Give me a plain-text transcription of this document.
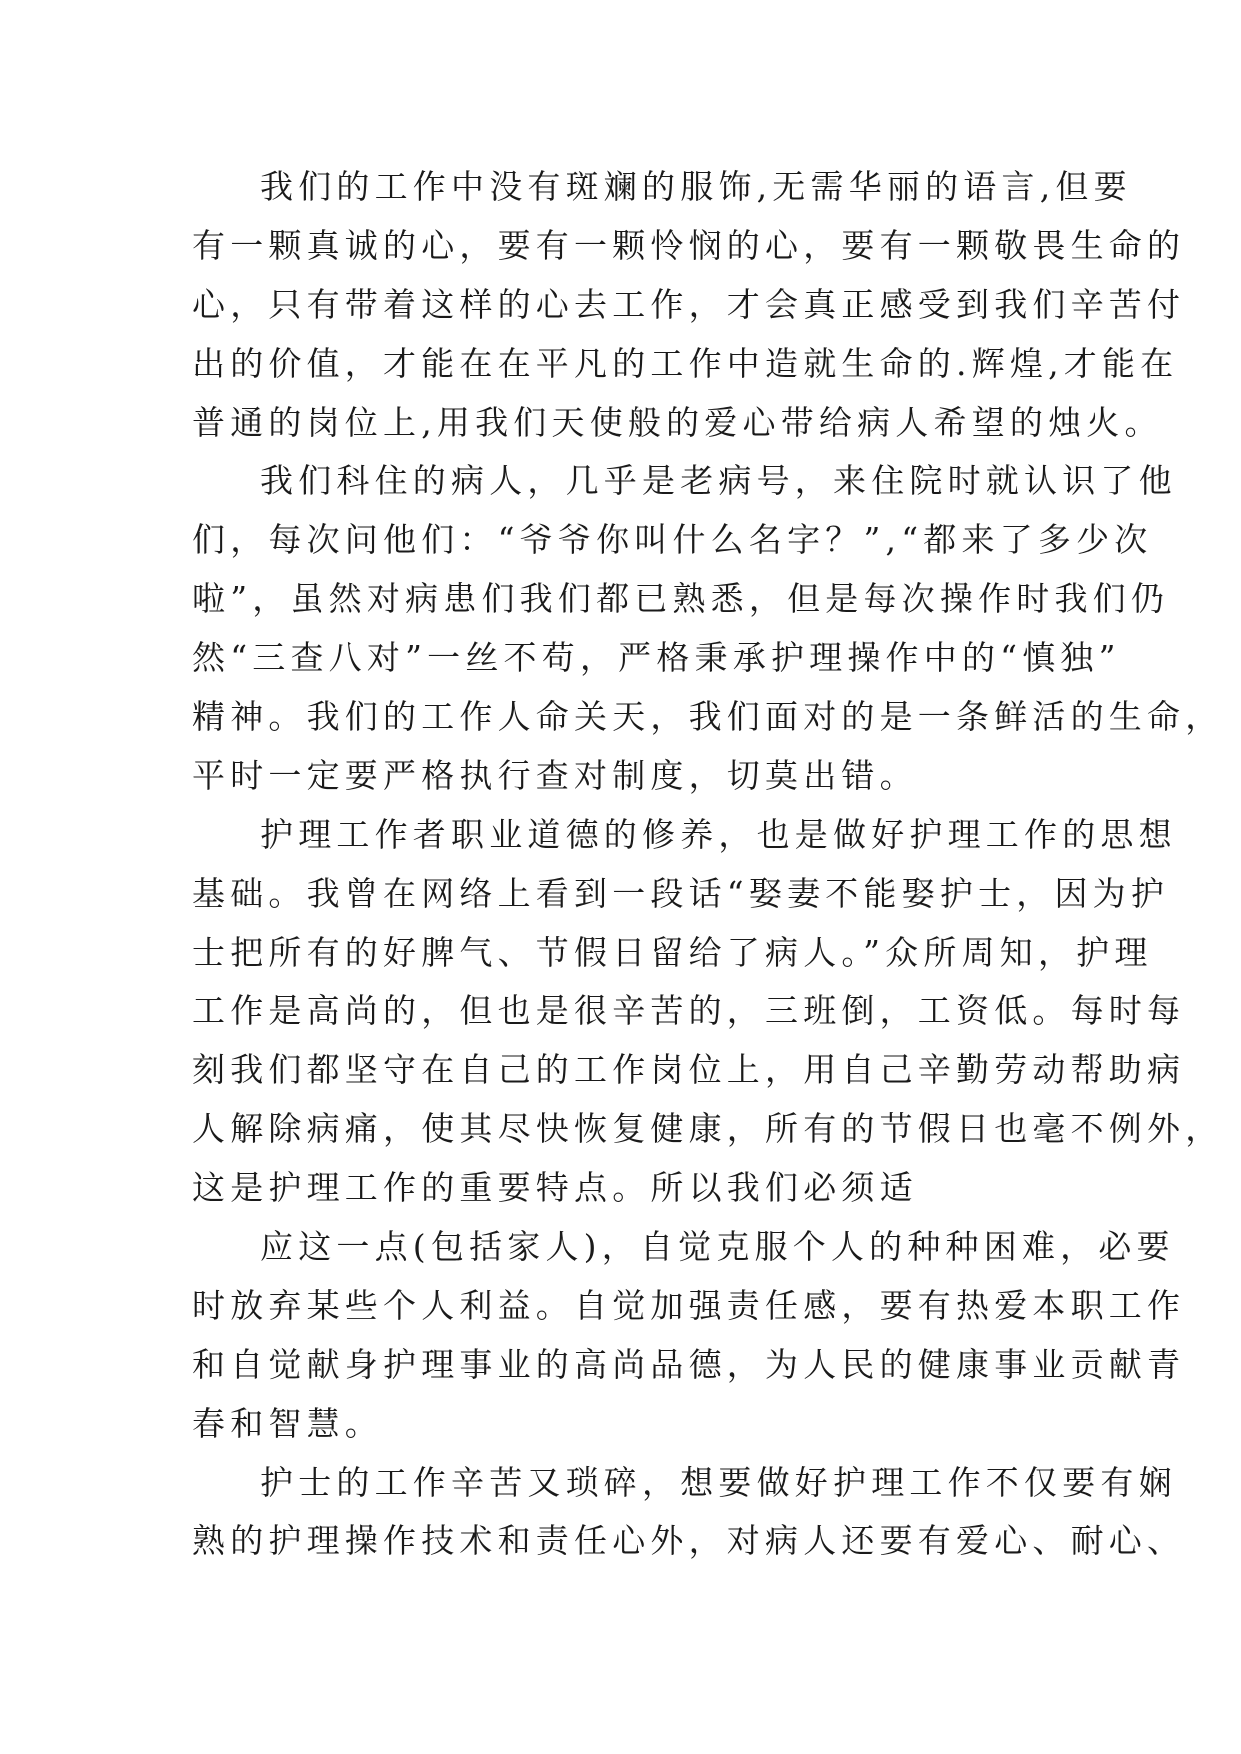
我们的工作中没有斑斓的服饰,无需华丽的语言,但要
有一颗真诚的心，要有一颗怜悯的心，要有一颗敬畏生命的
心，只有带着这样的心去工作，才会真正感受到我们辛苦付
出的价值，才能在在平凡的工作中造就生命的.辉煌,才能在
普通的岗位上,用我们天使般的爱心带给病人希望的烛火。
我们科住的病人，几乎是老病号，来住院时就认识了他
们，每次问他们：“爷爷你叫什么名字？”,“都来了多少次
啦”，虽然对病患们我们都已熟悉，但是每次操作时我们仍
然“三查八对”一丝不苟，严格秉承护理操作中的“慎独”
精神。我们的工作人命关天，我们面对的是一条鲜活的生命，
平时一定要严格执行查对制度，切莫出错。
护理工作者职业道德的修养，也是做好护理工作的思想
基础。我曾在网络上看到一段话“娶妻不能娶护士，因为护
士把所有的好脾气、节假日留给了病人。”众所周知，护理
工作是高尚的，但也是很辛苦的，三班倒，工资低。每时每
刻我们都坚守在自己的工作岗位上，用自己辛勤劳动帮助病
人解除病痛，使其尽快恢复健康，所有的节假日也毫不例外，
这是护理工作的重要特点。所以我们必须适
应这一点(包括家人)，自觉克服个人的种种困难，必要
时放弃某些个人利益。自觉加强责任感，要有热爱本职工作
和自觉献身护理事业的高尚品德，为人民的健康事业贡献青
春和智慧。
护士的工作辛苦又琐碎，想要做好护理工作不仅要有娴
熟的护理操作技术和责任心外，对病人还要有爱心、耐心、
